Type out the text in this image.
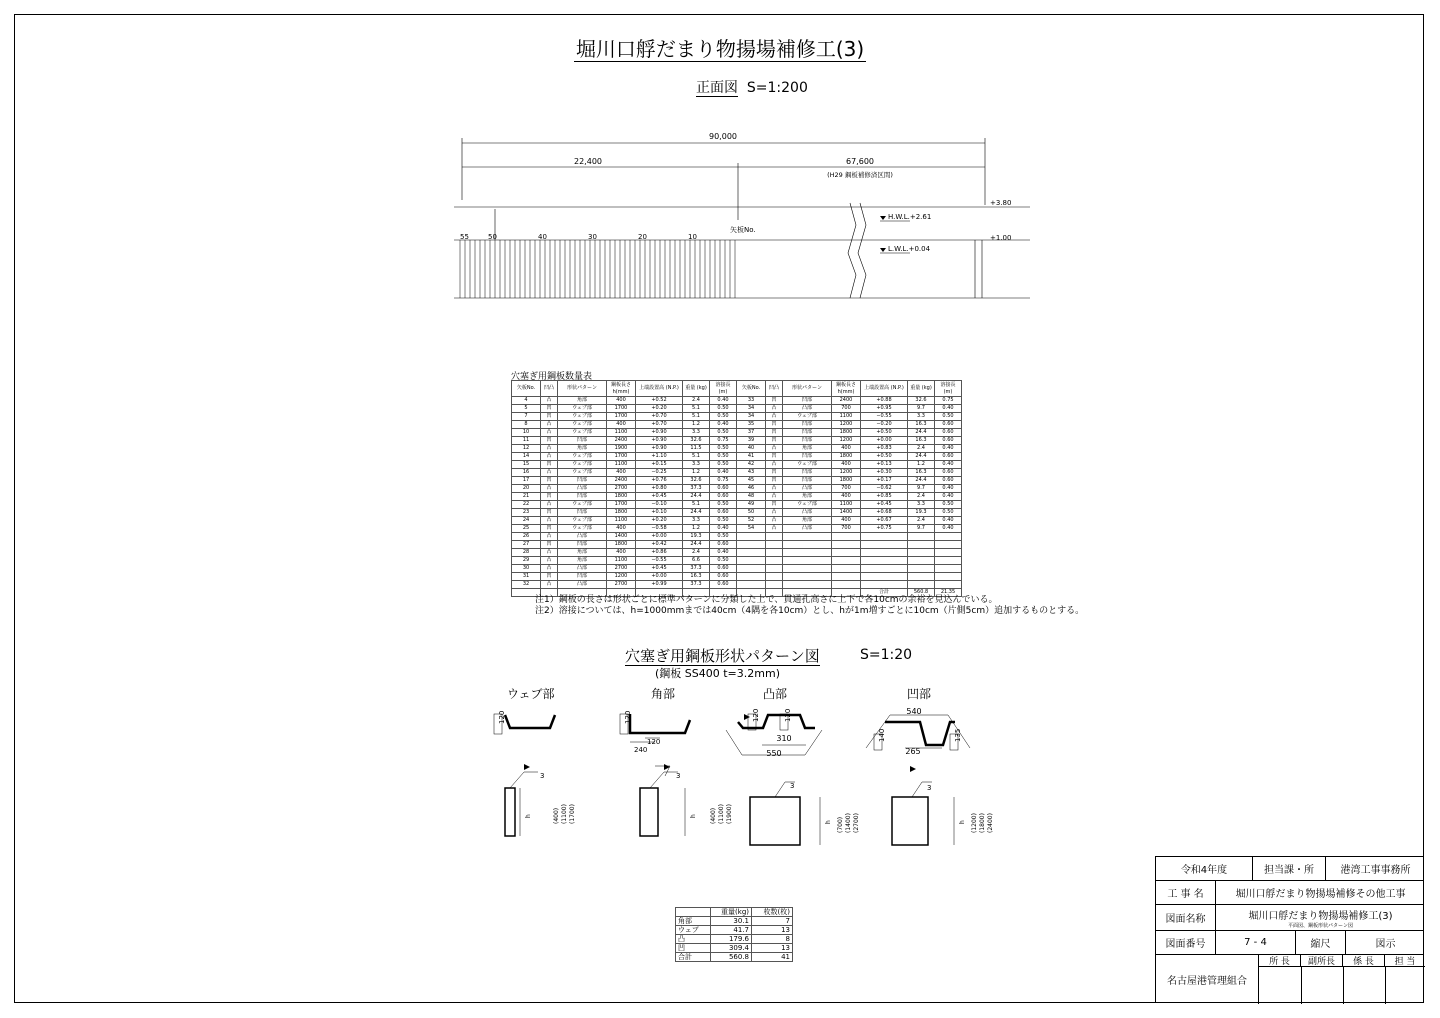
堀川口艀だまり物揚場補修工(3)
正面図 S=1:200
90,000
22,400	67,600
(H29 鋼板補修済区間)
+3.80
+1.00
H.W.L.+2.61
L.W.L.+0.04
矢板No.
55	50	40	30	20	10
穴塞ぎ用鋼板数量表
矢板No.	凹凸	形状パターン	鋼板長さ h(mm)	上端設置高 (N.P.)	重量 (kg)	溶接長 (m)	矢板No.	凹凸	形状パターン	鋼板長さ h(mm)	上端設置高 (N.P.)	重量 (kg)	溶接長 (m)
4	凸	角部	400	+0.52	2.4	0.40	33	凹	凹部	2400	+0.88	32.6	0.75
5	凹	ウェブ部	1700	+0.20	5.1	0.50	34	凸	凸部	700	+0.95	9.7	0.40
7	凹	ウェブ部	1700	+0.70	5.1	0.50	34	凸	ウェブ部	1100	−0.55	3.3	0.50
8	凸	ウェブ部	400	+0.70	1.2	0.40	35	凹	凹部	1200	−0.20	16.3	0.60
10	凸	ウェブ部	1100	+0.90	3.3	0.50	37	凹	凹部	1800	+0.50	24.4	0.60
11	凹	凹部	2400	+0.90	32.6	0.75	39	凹	凹部	1200	+0.00	16.3	0.60
12	凸	角部	1900	+0.90	11.5	0.50	40	凸	角部	400	+0.83	2.4	0.40
14	凸	ウェブ部	1700	+1.10	5.1	0.50	41	凹	凹部	1800	+0.50	24.4	0.60
15	凹	ウェブ部	1100	+0.15	3.3	0.50	42	凸	ウェブ部	400	+0.13	1.2	0.40
16	凸	ウェブ部	400	−0.25	1.2	0.40	43	凹	凹部	1200	+0.30	16.3	0.60
17	凹	凹部	2400	+0.76	32.6	0.75	45	凹	凹部	1800	+0.17	24.4	0.60
20	凸	凸部	2700	+0.80	37.3	0.60	46	凸	凸部	700	−0.62	9.7	0.40
21	凹	凹部	1800	+0.45	24.4	0.60	48	凸	角部	400	+0.85	2.4	0.40
22	凸	ウェブ部	1700	−0.10	5.1	0.50	49	凹	ウェブ部	1100	+0.45	3.3	0.50
23	凹	凹部	1800	+0.10	24.4	0.60	50	凸	凸部	1400	+0.68	19.3	0.50
24	凸	ウェブ部	1100	+0.20	3.3	0.50	52	凸	角部	400	+0.67	2.4	0.40
25	凹	ウェブ部	400	−0.58	1.2	0.40	54	凸	凸部	700	+0.75	9.7	0.40
26	凸	凸部	1400	+0.00	19.3	0.50							
27	凹	凹部	1800	+0.42	24.4	0.60							
28	凸	角部	400	+0.86	2.4	0.40							
29	凸	角部	1100	−0.55	6.6	0.50							
30	凸	凸部	2700	+0.45	37.3	0.60							
31	凹	凹部	1200	+0.00	16.3	0.60							
32	凸	凸部	2700	+0.99	37.3	0.60							
											合計	560.8	21.35
注1）鋼板の長さは形状ごとに標準パターンに分類した上で、貫通孔高さに上下で各10cmの余裕を見込んでいる。
注2）溶接については、h=1000mmまでは40cm（4隅を各10cm）とし、hが1m増すごとに10cm（片側5cm）追加するものとする。
穴塞ぎ用鋼板形状パターン図	S=1:20
(鋼板 SS400 t=3.2mm)
ウェブ部	角部	凸部	凹部
120	120
120
240
120	120
310
550
540
140
265
135
3	3
3	3
h	(400) (1100) (1700)	h (400) (1100) (1900)	h (700) (1400) (2700)	h (1200) (1800) (2400)
	重量(kg)	枚数(枚)
角部	30.1	7
ウェブ	41.7	13
凸	179.6	8
凹	309.4	13
合計	560.8	41
令和4年度	担当課・所	港湾工事事務所
工 事 名	堀川口艀だまり物揚場補修その他工事
図面名称	堀川口艀だまり物揚場補修工(3)
平面図、鋼板形状パターン図
図面番号	7 - 4	縮尺	図示
名古屋港管理組合
所 長	副所長	係 長	担 当
